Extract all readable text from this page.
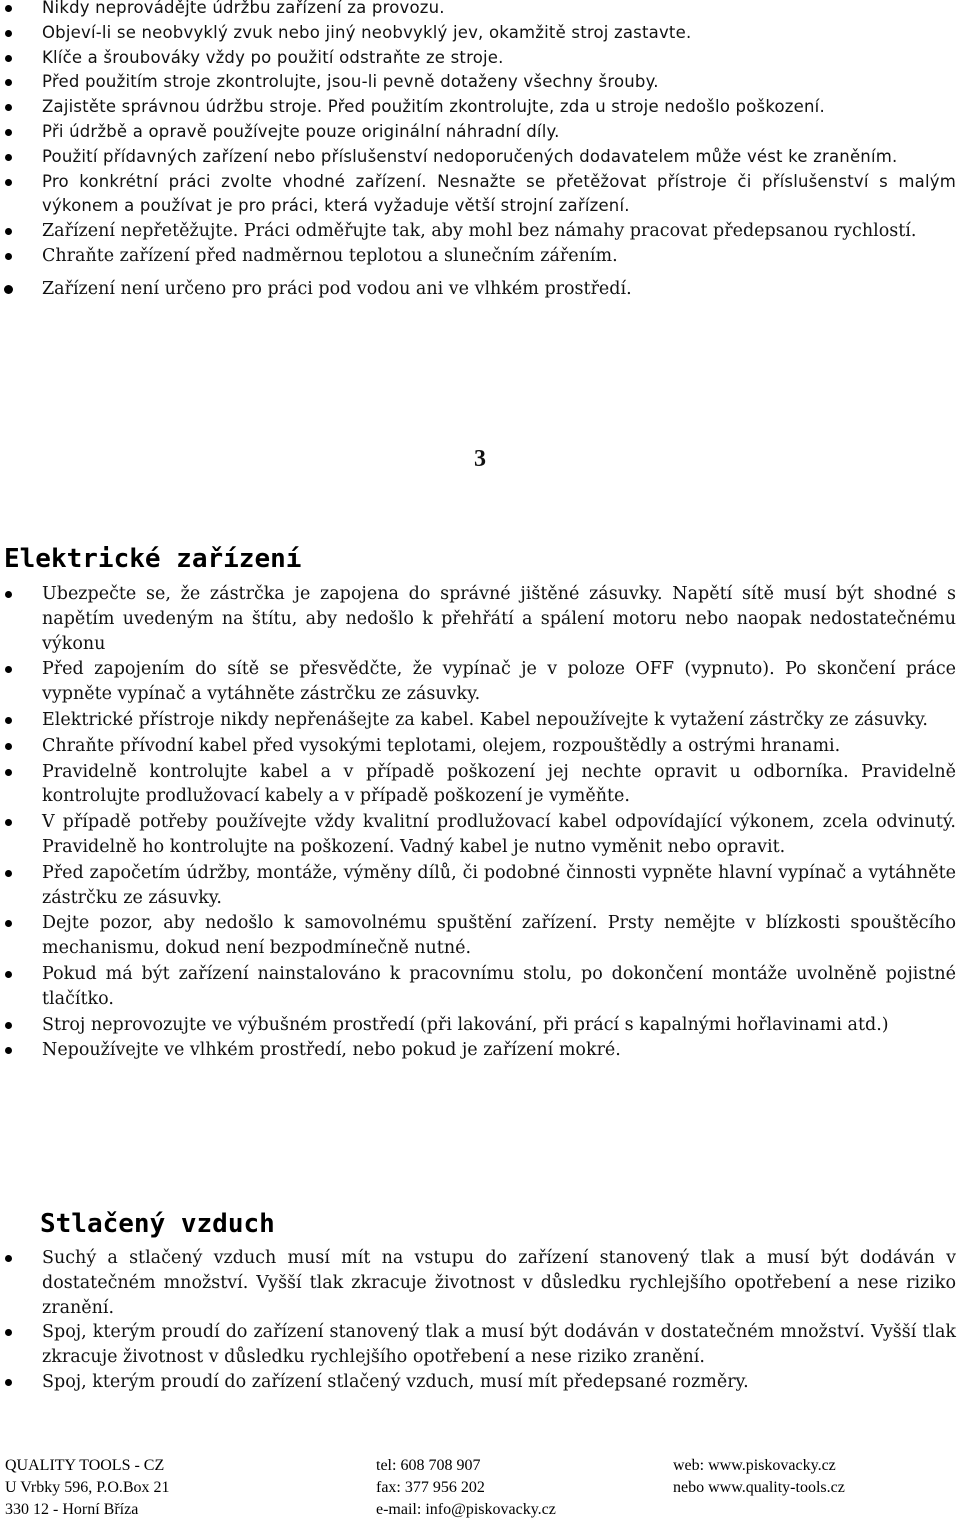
Nikdy neprovádějte údržbu zařízení za provozu.
Objeví-li se neobvyklý zvuk nebo jiný neobvyklý jev, okamžitě stroj zastavte.
Klíče a šroubováky vždy po použití odstraňte ze stroje.
Před použitím stroje zkontrolujte, jsou-li pevně dotaženy všechny šrouby.
Zajistěte správnou údržbu stroje. Před použitím zkontrolujte, zda u stroje nedošlo poškození.
Při údržbě a opravě používejte pouze originální náhradní díly.
Použití přídavných zařízení nebo příslušenství nedoporučených dodavatelem může vést ke zraněním.
Pro konkrétní práci zvolte vhodné zařízení. Nesnažte se přetěžovat přístroje či příslušenství s malým výkonem a používat je pro práci, která vyžaduje větší strojní zařízení.
Zařízení nepřetěžujte. Práci odměřujte tak, aby mohl bez námahy pracovat předepsanou rychlostí.
Chraňte zařízení před nadměrnou teplotou a slunečním zářením.
Zařízení není určeno pro práci pod vodou ani ve vlhkém prostředí.
3
Elektrické zařízení
Ubezpečte se, že zástrčka je zapojena do správné jištěné zásuvky. Napětí sítě musí být shodné s napětím uvedeným na štítu, aby nedošlo k přehřátí a spálení motoru nebo naopak nedostatečnému výkonu
Před zapojením do sítě se přesvědčte, že vypínač je v poloze OFF (vypnuto). Po skončení práce vypněte vypínač a vytáhněte zástrčku ze zásuvky.
Elektrické přístroje nikdy nepřenášejte za kabel. Kabel nepoužívejte k vytažení zástrčky ze zásuvky.
Chraňte přívodní kabel před vysokými teplotami, olejem, rozpouštědly a ostrými hranami.
Pravidelně kontrolujte kabel a v případě poškození jej nechte opravit u odborníka. Pravidelně kontrolujte prodlužovací kabely a v případě poškození je vyměňte.
V případě potřeby používejte vždy kvalitní prodlužovací kabel odpovídající výkonem, zcela odvinutý. Pravidelně ho kontrolujte na poškození. Vadný kabel je nutno vyměnit nebo opravit.
Před započetím údržby, montáže, výměny dílů, či podobné činnosti vypněte hlavní vypínač a vytáhněte zástrčku ze zásuvky.
Dejte pozor, aby nedošlo k samovolnému spuštění zařízení. Prsty nemějte v blízkosti spouštěcího mechanismu, dokud není bezpodmínečně nutné.
Pokud má být zařízení nainstalováno k pracovnímu stolu, po dokončení montáže uvolněně pojistné tlačítko.
Stroj neprovozujte ve výbušném prostředí (při lakování, při prácí s kapalnými hořlavinami atd.)
Nepoužívejte ve vlhkém prostředí, nebo pokud je zařízení mokré.
Stlačený vzduch
Suchý a stlačený vzduch musí mít na vstupu do zařízení stanovený tlak a musí být dodáván v dostatečném množství. Vyšší tlak zkracuje životnost v důsledku rychlejšího opotřebení a nese riziko zranění.
Spoj, kterým proudí do zařízení stanovený tlak a musí být dodáván v dostatečném množství. Vyšší tlak zkracuje životnost v důsledku rychlejšího opotřebení a nese riziko zranění.
Spoj, kterým proudí do zařízení stlačený vzduch, musí mít předepsané rozměry.
QUALITY TOOLS - CZ
U Vrbky 596, P.O.Box 21
330 12 - Horní Bříza
tel: 608 708 907
fax: 377 956 202
e-mail: info@piskovacky.cz
web: www.piskovacky.cz
nebo www.quality-tools.cz
